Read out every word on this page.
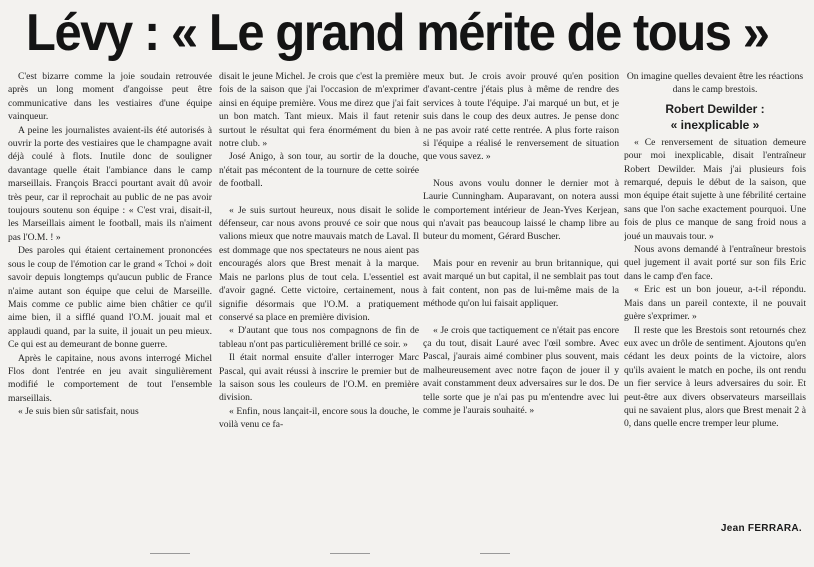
Lévy : « Le grand mérite de tous »

C'est bizarre comme la joie soudain retrouvée après un long moment d'angoisse peut être communicative dans les vestiaires d'une équipe vainqueur.

A peine les journalistes avaient-ils été autorisés à ouvrir la porte des vestiaires que le champagne avait déjà coulé à flots. Inutile donc de souligner davantage quelle était l'ambiance dans le camp marseillais. François Bracci pourtant avait dû avoir très peur, car il reprochait au public de ne pas avoir toujours soutenu son équipe : « C'est vrai, disait-il, les Marseillais aiment le football, mais ils n'aiment pas l'O.M. ! »

Des paroles qui étaient certainement prononcées sous le coup de l'émotion car le grand « Tchoi » doit savoir depuis longtemps qu'aucun public de France n'aime autant son équipe que celui de Marseille. Mais comme ce public aime bien châtier ce qu'il aime bien, il a sifflé quand l'O.M. jouait mal et applaudi quand, par la suite, il jouait un peu mieux. Ce qui est au demeurant de bonne guerre.

Après le capitaine, nous avons interrogé Michel Flos dont l'entrée en jeu avait singulièrement modifié le comportement de tout l'ensemble marseillais.

« Je suis bien sûr satisfait, nous

disait le jeune Michel. Je crois que c'est la première fois de la saison que j'ai l'occasion de m'exprimer ainsi en équipe première. Vous me direz que j'ai fait un bon match. Tant mieux. Mais il faut retenir surtout le résultat qui fera énormément du bien à notre club. »

José Anigo, à son tour, au sortir de la douche, n'était pas mécontent de la tournure de cette soirée de football.

« Je suis surtout heureux, nous disait le solide défenseur, car nous avons prouvé ce soir que nous valions mieux que notre mauvais match de Laval. Il est dommage que nos spectateurs ne nous aient pas encouragés alors que Brest menait à la marque. Mais ne parlons plus de tout cela. L'essentiel est d'avoir gagné. Cette victoire, certainement, nous signifie désormais que l'O.M. a pratiquement conservé sa place en première division.

« D'autant que tous nos compagnons de fin de tableau n'ont pas particulièrement brillé ce soir. »

Il était normal ensuite d'aller interroger Marc Pascal, qui avait réussi à inscrire le premier but de la saison sous les couleurs de l'O.M. en première division.

« Enfin, nous lançait-il, encore sous la douche, le voilà venu ce fa-

meux but. Je crois avoir prouvé qu'en position d'avant-centre j'étais plus à même de rendre des services à toute l'équipe. J'ai marqué un but, et je suis dans le coup des deux autres. Je pense donc ne pas avoir raté cette rentrée. A plus forte raison si l'équipe a réalisé le renversement de situation que vous savez. »

Nous avons voulu donner le dernier mot à Laurie Cunningham. Auparavant, on notera aussi le comportement intérieur de Jean-Yves Kerjean, qui n'avait pas beaucoup laissé le champ libre au buteur du moment, Gérard Buscher.

Mais pour en revenir au brun britannique, qui avait marqué un but capital, il ne semblait pas tout à fait content, non pas de lui-même mais de la méthode qu'on lui faisait appliquer.

« Je crois que tactiquement ce n'était pas encore ça du tout, disait Lauré avec l'œil sombre. Avec Pascal, j'aurais aimé combiner plus souvent, mais malheureusement avec notre façon de jouer il y avait constamment deux adversaires sur le dos. De telle sorte que je n'ai pas pu m'entendre avec lui comme je l'aurais souhaité. »

On imagine quelles devaient être les réactions dans le camp brestois.

Robert Dewilder :
« inexplicable »

« Ce renversement de situation demeure pour moi inexplicable, disait l'entraîneur Robert Dewilder. Mais j'ai plusieurs fois remarqué, depuis le début de la saison, que mon équipe était sujette à une fébrilité certaine sans que l'on sache exactement pourquoi. Une fois de plus ce manque de sang froid nous a joué un mauvais tour. »

Nous avons demandé à l'entraîneur brestois quel jugement il avait porté sur son fils Eric dans le camp d'en face.

« Eric est un bon joueur, a-t-il répondu. Mais dans un pareil contexte, il ne pouvait guère s'exprimer. »

Il reste que les Brestois sont retournés chez eux avec un drôle de sentiment. Ajoutons qu'en cédant les deux points de la victoire, alors qu'ils avaient le match en poche, ils ont rendu un fier service à leurs adversaires du soir. Et peut-être aux divers observateurs marseillais qui ne savaient plus, alors que Brest menait 2 à 0, dans quelle encre tremper leur plume.

Jean FERRARA.
